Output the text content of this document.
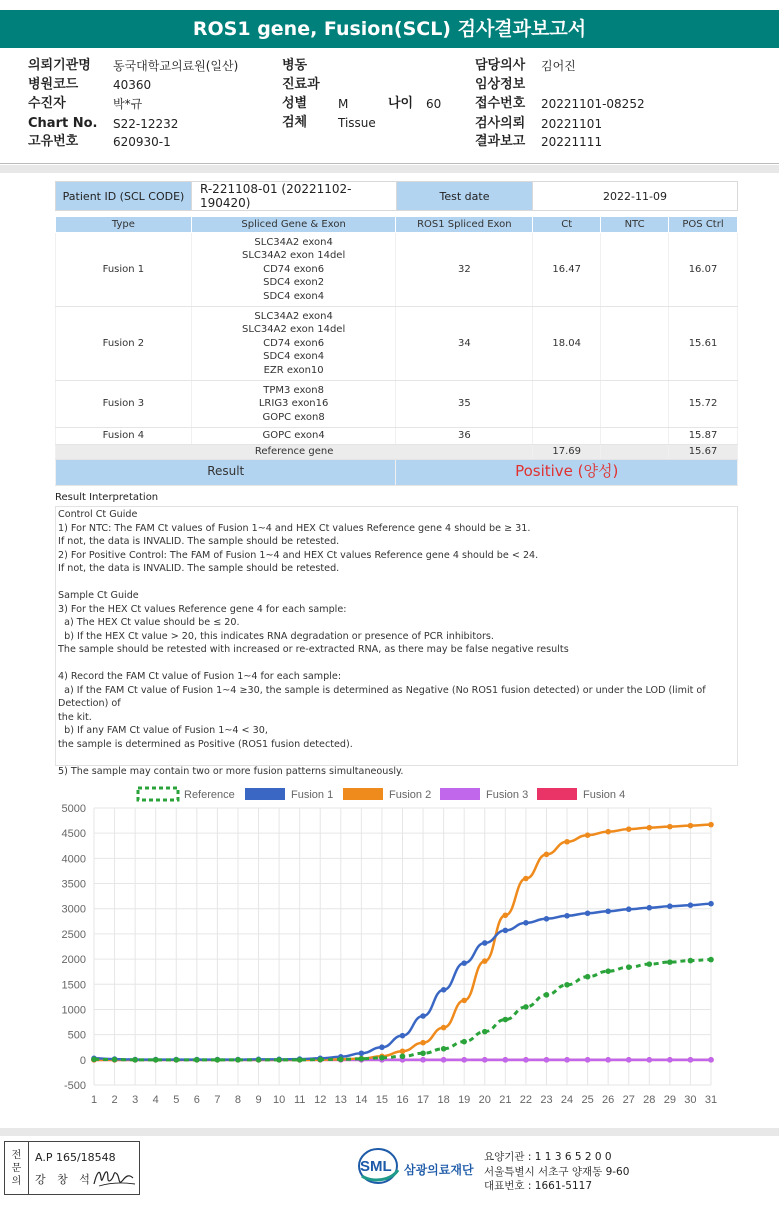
ROS1 gene, Fusion(SCL) 검사결과보고서
의뢰기관명 동국대학교의료원(일산)
병원코드	40360
수진자	박*규
Chart No. S22-12232
고유번호	620930-1
병동
진료과
성별	M
검체	Tissue
담당의사 김어진
임상정보
접수번호 20221101-08252
검사의뢰 20221101
결과보고 20221111
나이 60
Patient ID (SCL CODE)	R-221108-01 (20221102-190420)	Test date	2022-11-09
Type	Spliced Gene & Exon	ROS1 Spliced Exon	Ct	NTC	POS Ctrl
Fusion 1	SLC34A2 exon4
SLC34A2 exon 14del
CD74 exon6
SDC4 exon2
SDC4 exon4	32	16.47		16.07
Fusion 2	SLC34A2 exon4
SLC34A2 exon 14del
CD74 exon6
SDC4 exon4
EZR exon10	34	18.04		15.61
Fusion 3	TPM3 exon8
LRIG3 exon16
GOPC exon8	35			15.72
Fusion 4	GOPC exon4	36			15.87
Reference gene			17.69		15.67
Result		Positive (양성)			
Result Interpretation
Control Ct Guide
1) For NTC: The FAM Ct values of Fusion 1~4 and HEX Ct values Reference gene 4 should be ≥ 31.
If not, the data is INVALID. The sample should be retested.
2) For Positive Control: The FAM of Fusion 1~4 and HEX Ct values Reference gene 4 should be < 24.
If not, the data is INVALID. The sample should be retested.
Sample Ct Guide
3) For the HEX Ct values Reference gene 4 for each sample:
a) The HEX Ct value should be ≤ 20.
b) If the HEX Ct value > 20, this indicates RNA degradation or presence of PCR inhibitors.
The sample should be retested with increased or re-extracted RNA, as there may be false negative results
4) Record the FAM Ct value of Fusion 1~4 for each sample:
a) If the FAM Ct value of Fusion 1~4 ≥30, the sample is determined as Negative (No ROS1 fusion detected) or under the LOD (limit of Detection) of
the kit.
b) If any FAM Ct value of Fusion 1~4 < 30,
the sample is determined as Positive (ROS1 fusion detected).
5) The sample may contain two or more fusion patterns simultaneously.
-500
0
500
1000
1500
2000
2500
3000
3500
4000
4500
5000
1 2 3 4 5 6 7 8 9 10 11 12 13 14 15 16 17 18 19 20 21 22 23 24 25 26 27 28 29 30 31
Reference	Fusion 1	Fusion 2	Fusion 3	Fusion 4
전문의
A.P 165/18548
강 창 석
SML 삼광의료재단
요양기관 : 1 1 3 6 5 2 0 0
서울특별시 서초구 양재동 9-60
대표번호 : 1661-5117
